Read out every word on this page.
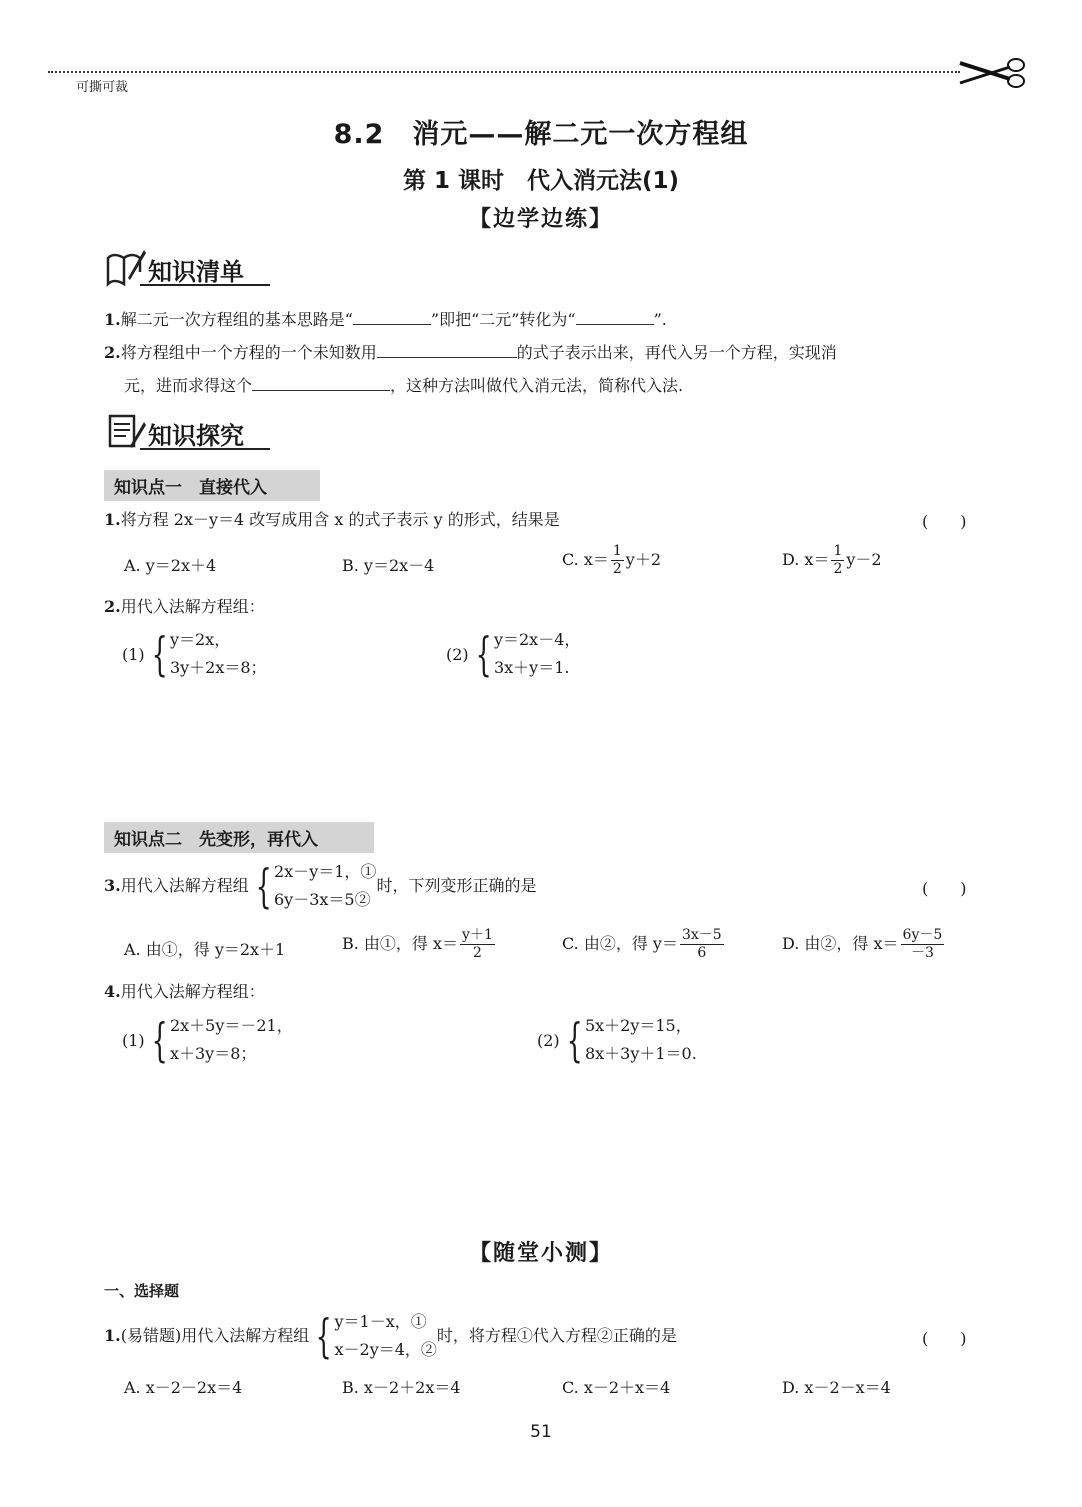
可撕可裁
8.2　消元——解二元一次方程组
第 1 课时　代入消元法(1)
【边学边练】
知识清单
1.解二元一次方程组的基本思路是“	”即把“二元”转化为“	”.
2.将方程组中一个方程的一个未知数用	的式子表示出来，再代入另一个方程，实现消
元，进而求得这个	，这种方法叫做代入消元法，简称代入法.
知识探究
知识点一　直接代入
1.将方程 2x－y＝4 改写成用含 x 的式子表示 y 的形式，结果是	(　　)
A. y＝2x＋4	B. y＝2x－4	C. $x= \frac{1}{2} y+2$	D. $x= \frac{1}{2} y-2$
2.用代入法解方程组：
(1) { y＝2x，
3y＋2x＝8；
(2) { y＝2x－4，
3x＋y＝1.
知识点二　先变形，再代入
3. 用代入法解方程组 { 2x－y＝1，①
6y－3x＝5②
时，下列变形正确的是	(　　)
A. 由①，得 y＝2x＋1	B. 由①，得 $x= \frac{y+1}{2}$	C. 由②，得 $y= \frac{3x-5}{6}$	D. 由②，得 $x= \frac{6y-5}{-3}$
4.用代入法解方程组：
(1) { 2x＋5y＝－21，
x＋3y＝8；
(2) { 5x＋2y＝15，
8x＋3y＋1＝0.
【随堂小测】
一、选择题
1. (易错题)用代入法解方程组 { y＝1－x，①
x－2y＝4，②
时，将方程①代入方程②正确的是	(　　)
A. x－2－2x＝4	B. x－2＋2x＝4	C. x－2＋x＝4	D. x－2－x＝4
51
